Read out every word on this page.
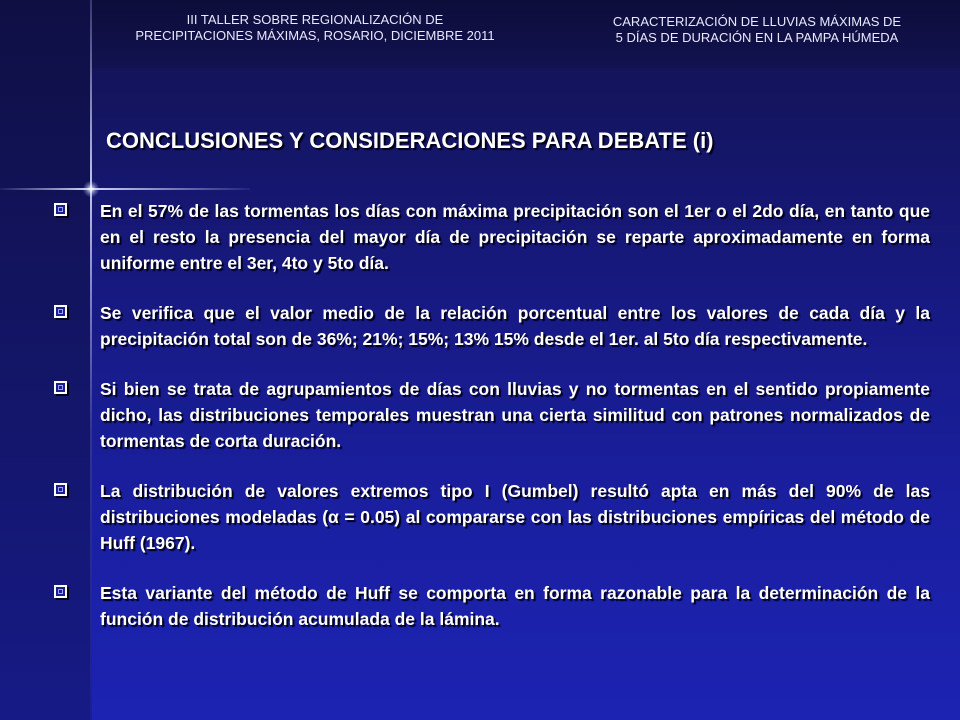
III TALLER SOBRE REGIONALIZACIÓN DE
PRECIPITACIONES MÁXIMAS, ROSARIO, DICIEMBRE 2011
CARACTERIZACIÓN DE LLUVIAS MÁXIMAS DE
5 DÍAS DE DURACIÓN EN LA PAMPA HÚMEDA
CONCLUSIONES Y CONSIDERACIONES PARA DEBATE (i)
En el 57% de las tormentas los días con máxima precipitación son el 1er o el 2do día, en tanto que en el resto la presencia del mayor día de precipitación se reparte aproximadamente en forma uniforme entre el 3er, 4to y 5to día.
Se verifica que el valor medio de la relación porcentual entre los valores de cada día y la precipitación total son de 36%; 21%; 15%; 13% 15% desde el 1er. al 5to día respectivamente.
Si bien se trata de agrupamientos de días con lluvias y no tormentas en el sentido propiamente dicho, las distribuciones temporales muestran una cierta similitud con patrones normalizados de tormentas de corta duración.
La distribución de valores extremos tipo I (Gumbel) resultó apta en más del 90% de las distribuciones modeladas (α = 0.05) al compararse con las distribuciones empíricas del método de Huff (1967).
Esta variante del método de Huff se comporta en forma razonable para la determinación de la función de distribución acumulada de la lámina.
